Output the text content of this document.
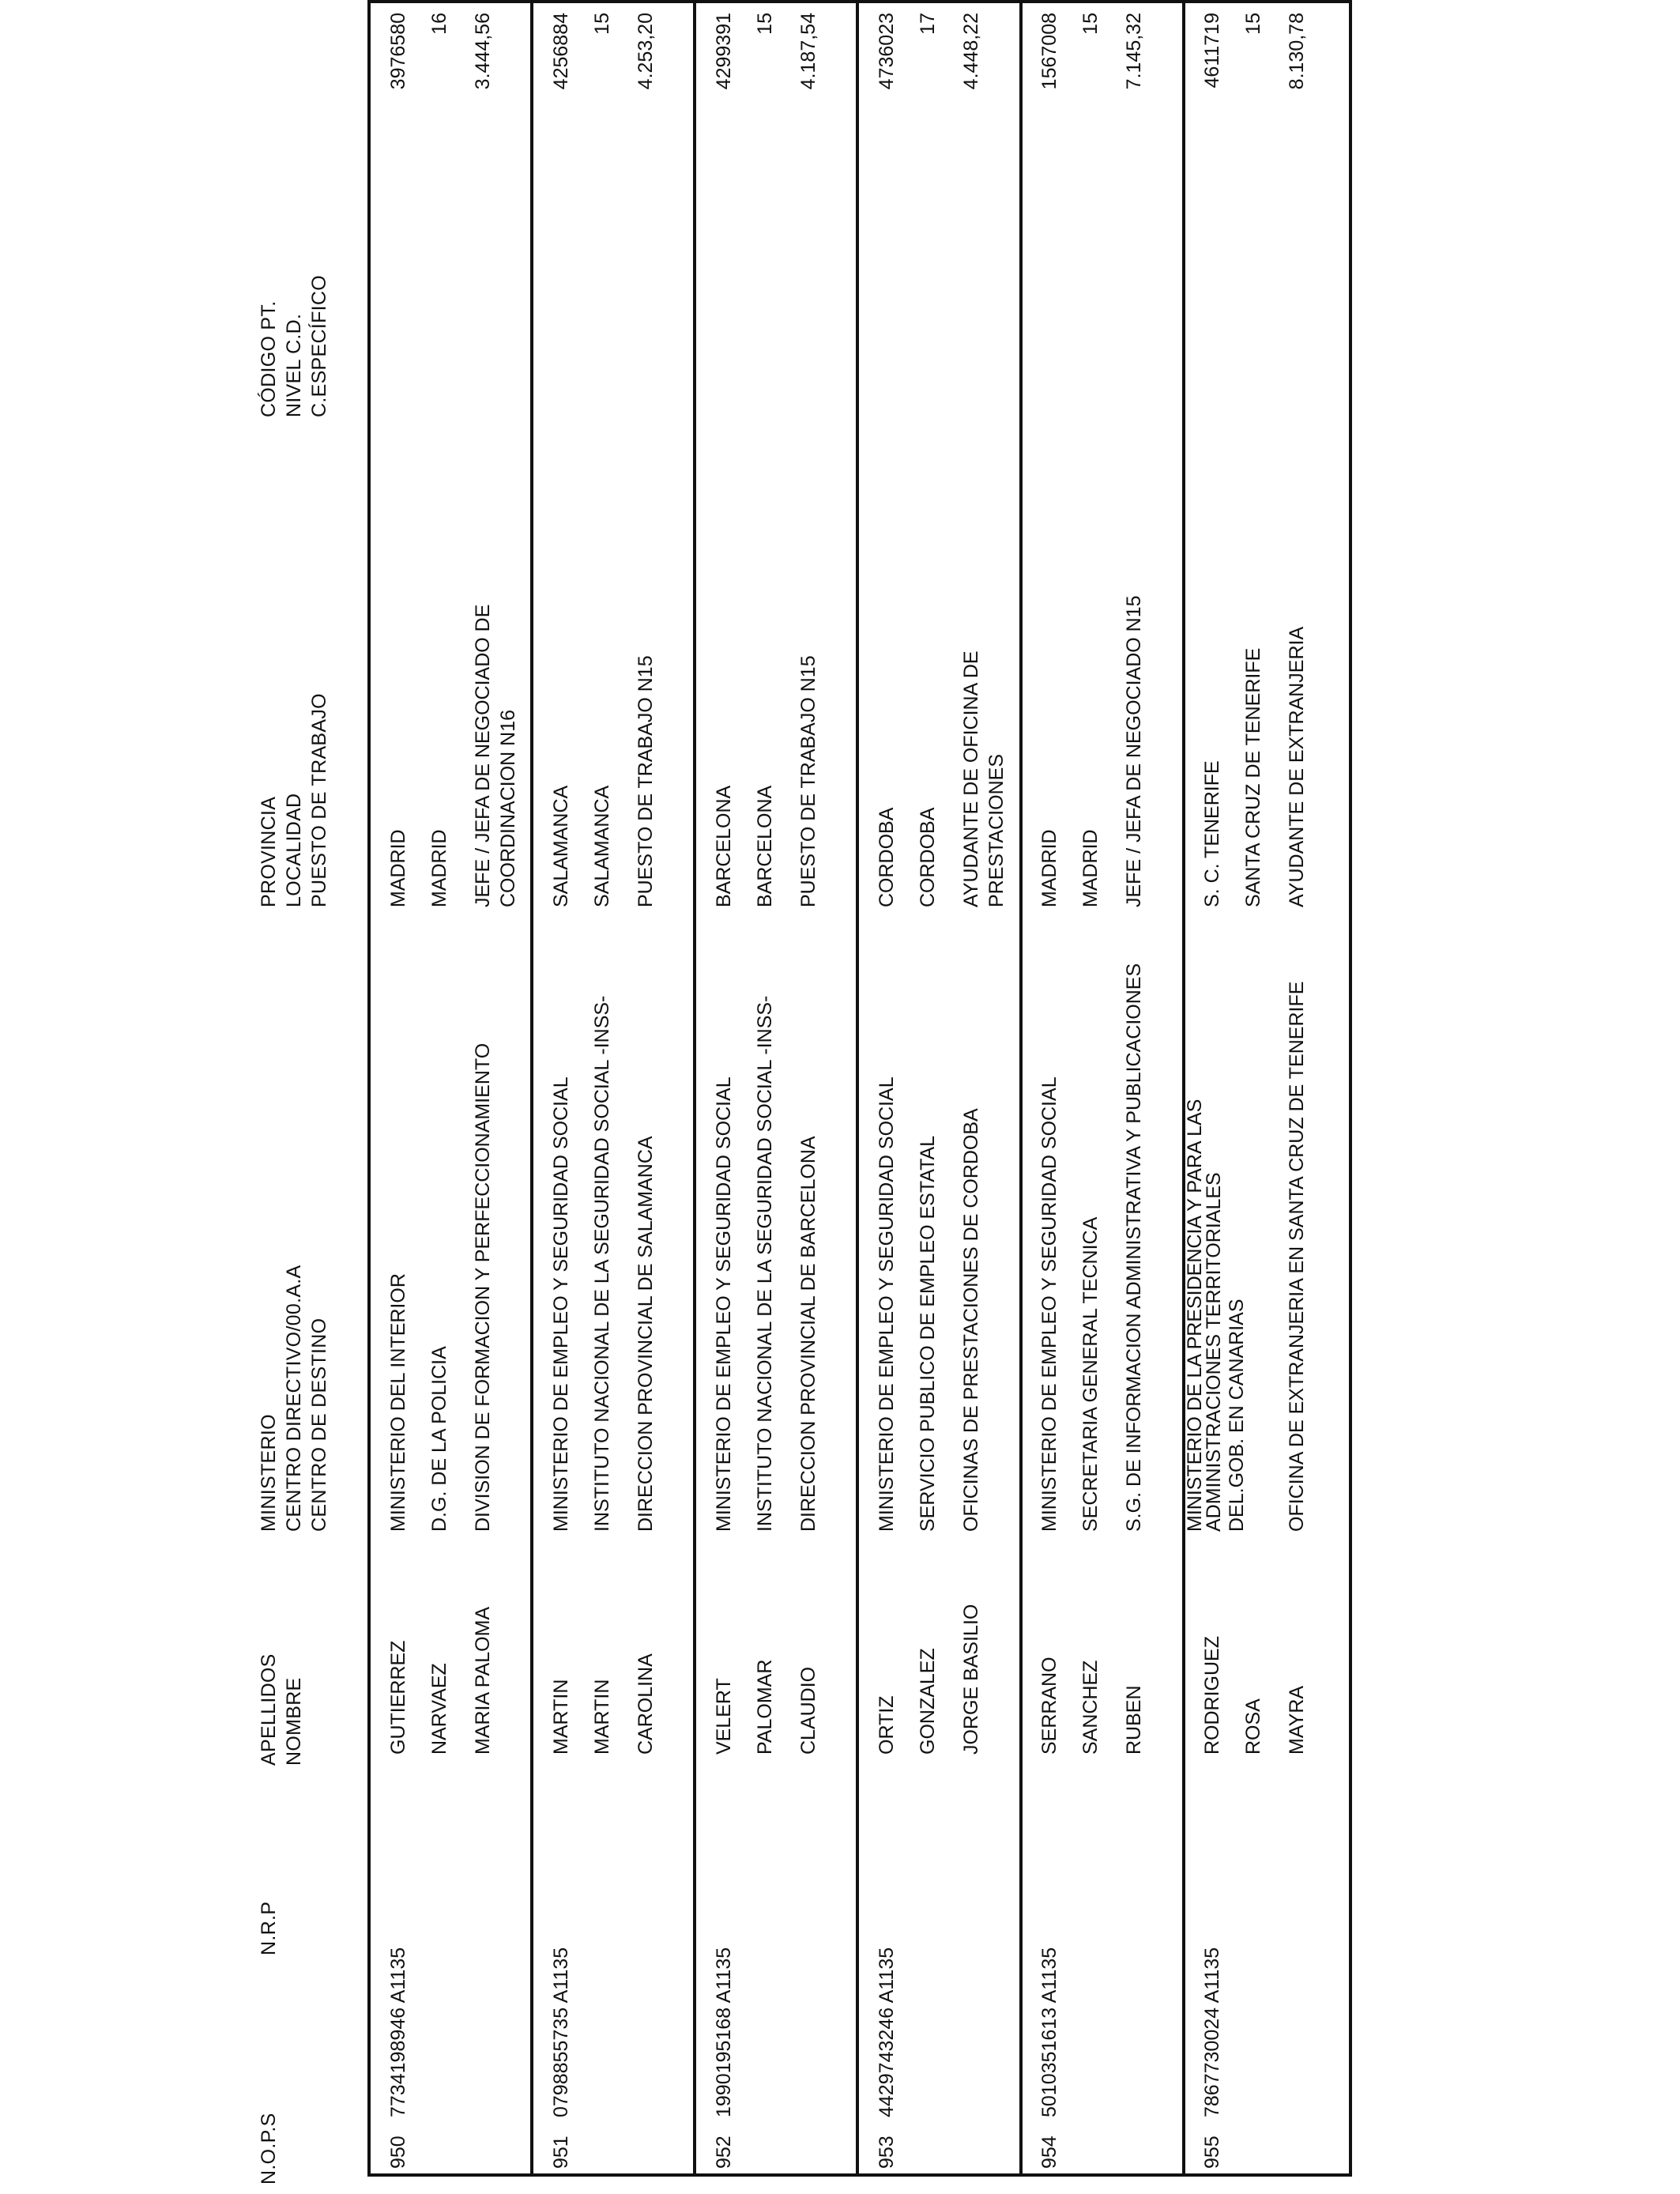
N.O.P.S
N.R.P
APELLIDOS
NOMBRE
MINISTERIO
CENTRO DIRECTIVO/00.A.A
CENTRO DE DESTINO
PROVINCIA
LOCALIDAD
PUESTO DE TRABAJO
CÓDIGO PT.
NIVEL C.D.
C.ESPECÍFICO
950
7734198946 A1135
GUTIERREZ NARVAEZ MARIA PALOMA
MINISTERIO DEL INTERIOR D.G. DE LA POLICIA DIVISION DE FORMACION Y PERFECCIONAMIENTO
MADRID MADRID JEFE / JEFA DE NEGOCIADO DE COORDINACION N16
3976580 16 3.444,56
951
0798855735 A1135
MARTIN MARTIN CAROLINA
MINISTERIO DE EMPLEO Y SEGURIDAD SOCIAL INSTITUTO NACIONAL DE LA SEGURIDAD SOCIAL -INSS- DIRECCION PROVINCIAL DE SALAMANCA
SALAMANCA SALAMANCA PUESTO DE TRABAJO N15
4256884 15 4.253,20
952
1990195168 A1135
VELERT PALOMAR CLAUDIO
MINISTERIO DE EMPLEO Y SEGURIDAD SOCIAL INSTITUTO NACIONAL DE LA SEGURIDAD SOCIAL -INSS- DIRECCION PROVINCIAL DE BARCELONA
BARCELONA BARCELONA PUESTO DE TRABAJO N15
4299391 15 4.187,54
953
4429743246 A1135
ORTIZ GONZALEZ JORGE BASILIO
MINISTERIO DE EMPLEO Y SEGURIDAD SOCIAL SERVICIO PUBLICO DE EMPLEO ESTATAL OFICINAS DE PRESTACIONES DE CORDOBA
CORDOBA CORDOBA AYUDANTE DE OFICINA DE PRESTACIONES
4736023 17 4.448,22
954
5010351613 A1135
SERRANO SANCHEZ RUBEN
MINISTERIO DE EMPLEO Y SEGURIDAD SOCIAL SECRETARIA GENERAL TECNICA S.G. DE INFORMACION ADMINISTRATIVA Y PUBLICACIONES
MADRID MADRID JEFE / JEFA DE NEGOCIADO N15
1567008 15 7.145,32
955
7867730024 A1135
RODRIGUEZ ROSA MAYRA
MINISTERIO DE LA PRESIDENCIA Y PARA LAS ADMINISTRACIONES TERRITORIALES DEL.GOB. EN CANARIAS OFICINA DE EXTRANJERIA EN SANTA CRUZ DE TENERIFE
S. C. TENERIFE SANTA CRUZ DE TENERIFE AYUDANTE DE EXTRANJERIA
4611719 15 8.130,78
